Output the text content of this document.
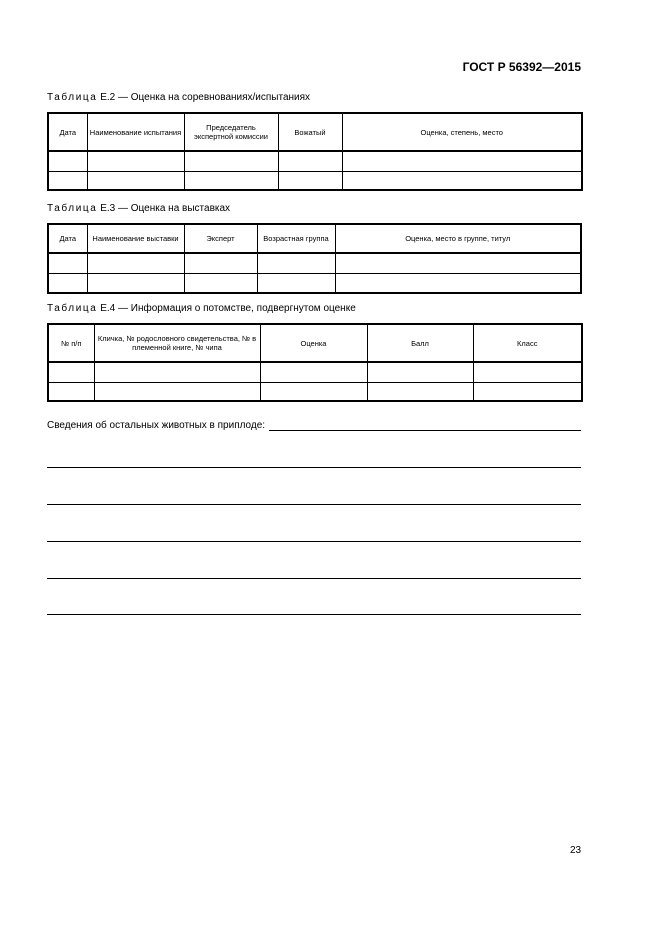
ГОСТ Р 56392—2015
Таблица Е.2 — Оценка на соревнованиях/испытаниях
Дата	Наименование испытания	Председатель экспертной комиссии	Вожатый	Оценка, степень, место

Таблица Е.3 — Оценка на выставках
Дата	Наименование выставки	Эксперт	Возрастная группа	Оценка, место в группе, титул

Таблица Е.4 — Информация о потомстве, подвергнутом оценке
№ п/п	Кличка, № родословного свидетельства, № в племенной книге, № чипа	Оценка	Балл	Класс

Сведения об остальных животных в приплоде:
23
